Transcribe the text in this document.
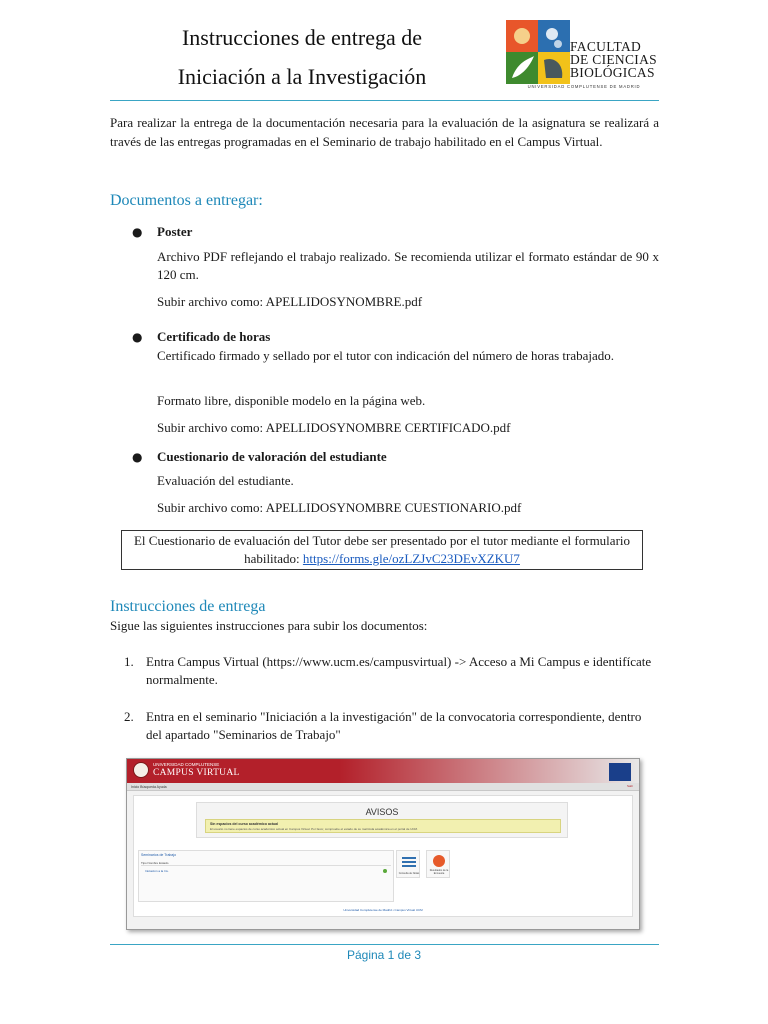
Instrucciones de entrega de
Iniciación a la Investigación
FACULTAD
DE CIENCIAS
BIOLÓGICAS
UNIVERSIDAD COMPLUTENSE DE MADRID

Para realizar la entrega de la documentación necesaria para la evaluación de la asignatura se realizará a través de las entregas programadas en el Seminario de trabajo habilitado en el Campus Virtual.

Documentos a entregar:
● Poster
Archivo PDF reflejando el trabajo realizado. Se recomienda utilizar el formato estándar de 90 x 120 cm.
Subir archivo como: APELLIDOSYNOMBRE.pdf
● Certificado de horas
Certificado firmado y sellado por el tutor con indicación del número de horas trabajado.
Formato libre, disponible modelo en la página web.
Subir archivo como: APELLIDOSYNOMBRE CERTIFICADO.pdf
● Cuestionario de valoración del estudiante
Evaluación del estudiante.
Subir archivo como: APELLIDOSYNOMBRE CUESTIONARIO.pdf
El Cuestionario de evaluación del Tutor debe ser presentado por el tutor mediante el formulario habilitado: https://forms.gle/ozLZJvC23DEvXZKU7
Instrucciones de entrega
Sigue las siguientes instrucciones para subir los documentos:
1. Entra Campus Virtual (https://www.ucm.es/campusvirtual) -> Acceso a Mi Campus e identifícate normalmente.
2. Entra en el seminario "Iniciación a la investigación" de la convocatoria correspondiente, dentro del apartado "Seminarios de Trabajo"
UNIVERSIDAD COMPLUTENSE
CAMPUS VIRTUAL
Inicio Búsqueda Ayuda	Salir
AVISOS
Sin espacios del curso académico actual
El usuario no tiene espacios de curso académico actual en Campus Virtual. Por favor, compruebe el estado de su matrícula académica en el portal de UCM.
Seminarios de Trabajo
Tipo Nombre Estado
Iniciación a la Inv.
Consulta de Notas
Resultados de la Encuesta
Universidad Complutense de Madrid • Campus Virtual UCM
Página 1 de 3
